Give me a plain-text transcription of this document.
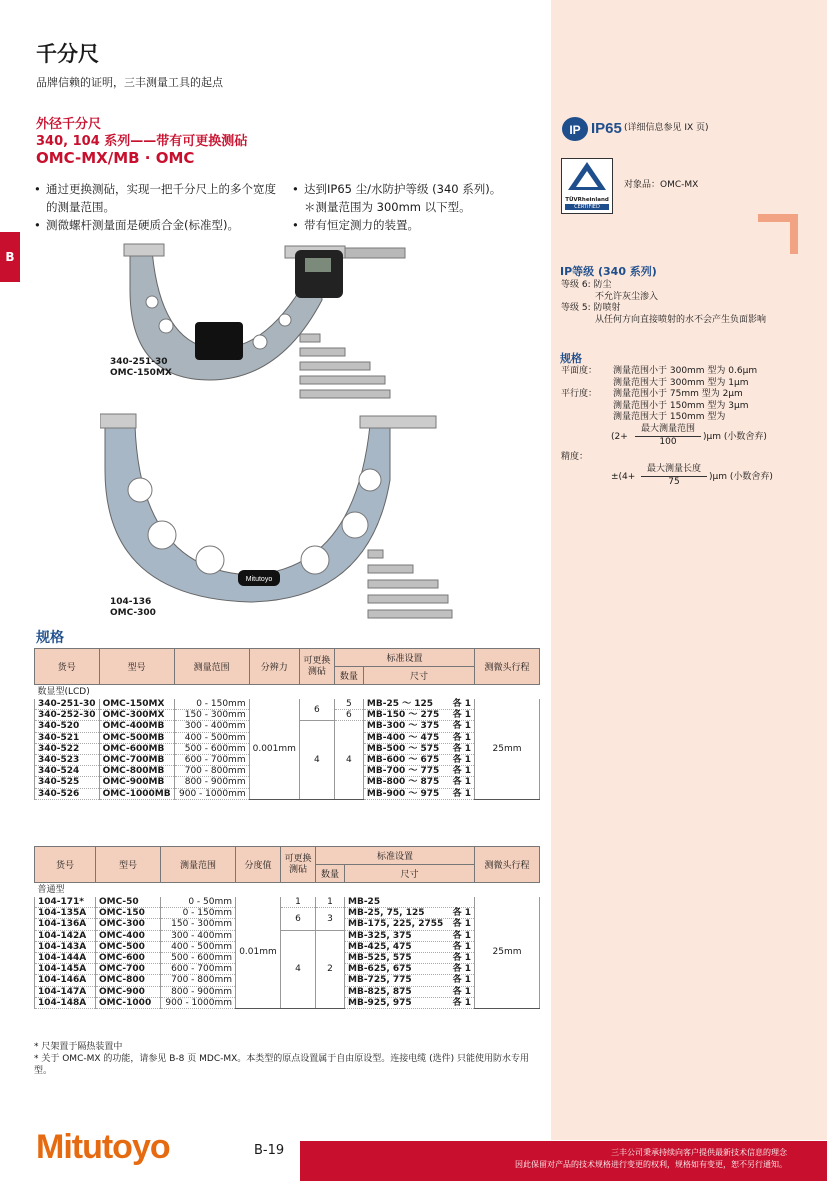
B
千分尺
品牌信赖的证明，三丰测量工具的起点
外径千分尺
340, 104 系列——带有可更换测砧
OMC-MX/MB · OMC
• 通过更换测砧，实现一把千分尺上的多个宽度的测量范围。
• 测微螺杆测量面是硬质合金(标准型)。
• 达到IP65 尘/水防护等级 (340 系列)。
＊测量范围为 300mm 以下型。
• 带有恒定测力的装置。
Mitutoyo
340-251-30
OMC-150MX
104-136
OMC-300
规格
货号	型号	测量范围	分辨力	可更换测砧	标准设置		测微头行程
					数量	尺寸	
数显型(LCD)							
340-251-30	OMC-150MX	0 - 150mm	0.001mm	6	5	MB-25 ～ 125 各 1	25mm
340-252-30	OMC-300MX	150 - 300mm			6	MB-150 ～ 275 各 1	

340-520	OMC-400MB	300 - 400mm		4	4	MB-300 ～ 375 各 1	

340-521	OMC-500MB	400 - 500mm				MB-400 ～ 475 各 1	

340-522	OMC-600MB	500 - 600mm				MB-500 ～ 575 各 1	

340-523	OMC-700MB	600 - 700mm				MB-600 ～ 675 各 1	

340-524	OMC-800MB	700 - 800mm				MB-700 ～ 775 各 1	

340-525	OMC-900MB	800 - 900mm				MB-800 ～ 875 各 1	

340-526	OMC-1000MB	900 - 1000mm				MB-900 ～ 975 各 1	
货号	型号	测量范围	分度值	可更换测砧	标准设置		测微头行程
					数量	尺寸	
普通型							
104-171*	OMC-50	0 - 50mm	0.01mm	1	1	MB-25	25mm
104-135A	OMC-150	0 - 150mm		6	3	MB-25, 75, 125 各 1	

104-136A	OMC-300	150 - 300mm				MB-175, 225, 2755 各 1	

104-142A	OMC-400	300 - 400mm		4	2	MB-325, 375 各 1	

104-143A	OMC-500	400 - 500mm				MB-425, 475 各 1	

104-144A	OMC-600	500 - 600mm				MB-525, 575 各 1	

104-145A	OMC-700	600 - 700mm				MB-625, 675 各 1	

104-146A	OMC-800	700 - 800mm				MB-725, 775 各 1	

104-147A	OMC-900	800 - 900mm				MB-825, 875 各 1	

104-148A	OMC-1000	900 - 1000mm				MB-925, 975 各 1	
* 尺架置于隔热装置中
* 关于 OMC-MX 的功能，请参见 B-8 页 MDC-MX。本类型的原点设置属于自由原设型。连接电缆 (选件) 只能使用防水专用型。
IP IP65 (详细信息参见 IX 页)
TÜVRheinland
CERTIFIED
对象品：OMC-MX
IP等级 (340 系列)
等级 6: 防尘
不允许灰尘渗入
等级 5: 防喷射
从任何方向直接喷射的水不会产生负面影响
规格
平面度： 测量范围小于 300mm 型为 0.6μm
测量范围大于 300mm 型为 1μm
平行度： 测量范围小于 75mm 型为 2μm
测量范围小于 150mm 型为 3μm
测量范围大于 150mm 型为
(2+
最大测量范围
100	)μm (小数舍弃)
精度：
±(4+
最大测量长度
75	)μm (小数舍弃)
Mitutoyo	B-19	三丰公司秉承持续向客户提供最新技术信息的理念
因此保留对产品的技术规格进行变更的权利，规格如有变更，恕不另行通知。
